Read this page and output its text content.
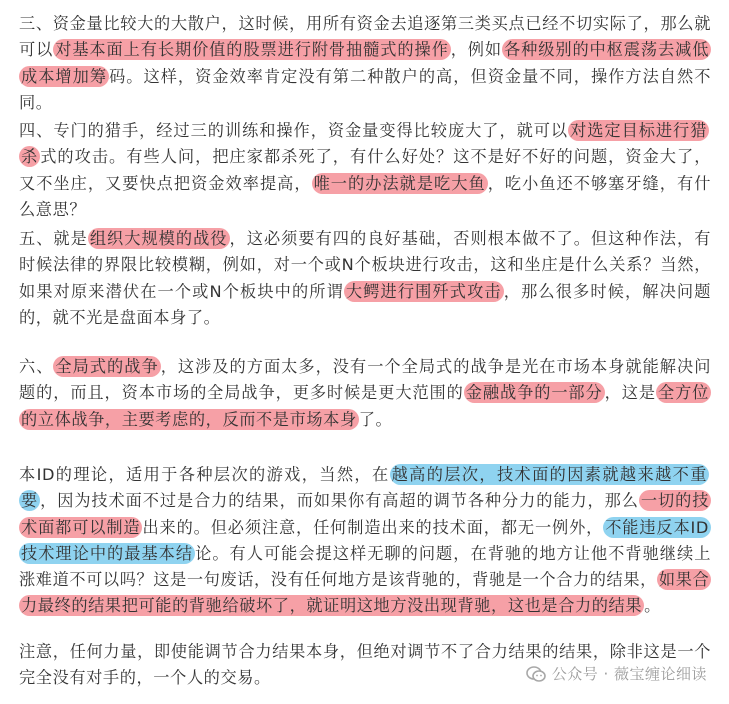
三、资金量比较大的大散户，这时候，用所有资金去追逐第三类买点已经不切实际了，那么就可以 对基本面上有长期价值的股票进行附骨抽髓式的操作 ，例如 各种级别的中枢震荡去减低成本增加筹 码。这样，资金效率肯定没有第二种散户的高，但资金量不同，操作方法自然不同。

四、专门的猎手，经过三的训练和操作，资金量变得比较庞大了，就可以 对选定目标进行猎杀 式的攻击。有些人问，把庄家都杀死了，有什么好处？这不是好不好的问题，资金大了，又不坐庄，又要快点把资金效率提高， 唯一的办法就是吃大鱼 ，吃小鱼还不够塞牙缝，有什么意思？

五、就是 组织大规模的战役 ，这必须要有四的良好基础，否则根本做不了。但这种作法，有时候法律的界限比较模糊，例如，对一个或N个板块进行攻击，这和坐庄是什么关系？当然，如果对原来潜伏在一个或N个板块中的所谓 大鳄进行围歼式攻击 ，那么很多时候，解决问题的，就不光是盘面本身了。

六、 全局式的战争 ，这涉及的方面太多，没有一个全局式的战争是光在市场本身就能解决问题的，而且，资本市场的全局战争，更多时候是更大范围的 金融战争的一部分 ，这是 全方位的立体战争，主要考虑的，反而不是市场本身 了。

本ID的理论，适用于各种层次的游戏，当然，在 越高的层次，技术面的因素就越来越不重要 ，因为技术面不过是合力的结果，而如果你有高超的调节各种分力的能力，那么 一切的技术面都可以制造 出来的。但必须注意，任何制造出来的技术面，都无一例外， 不能违反本ID技术理论中的最基本结 论。有人可能会提这样无聊的问题，在背驰的地方让他不背驰继续上涨难道不可以吗？这是一句废话，没有任何地方是该背驰的，背驰是一个合力的结果， 如果合力最终的结果把可能的背驰给破坏了，就证明这地方没出现背驰，这也是合力的结果 。

注意，任何力量，即使能调节合力结果本身，但绝对调节不了合力结果的结果，除非这是一个完全没有对手的，一个人的交易。	公众号 · 薇宝缠论细读
